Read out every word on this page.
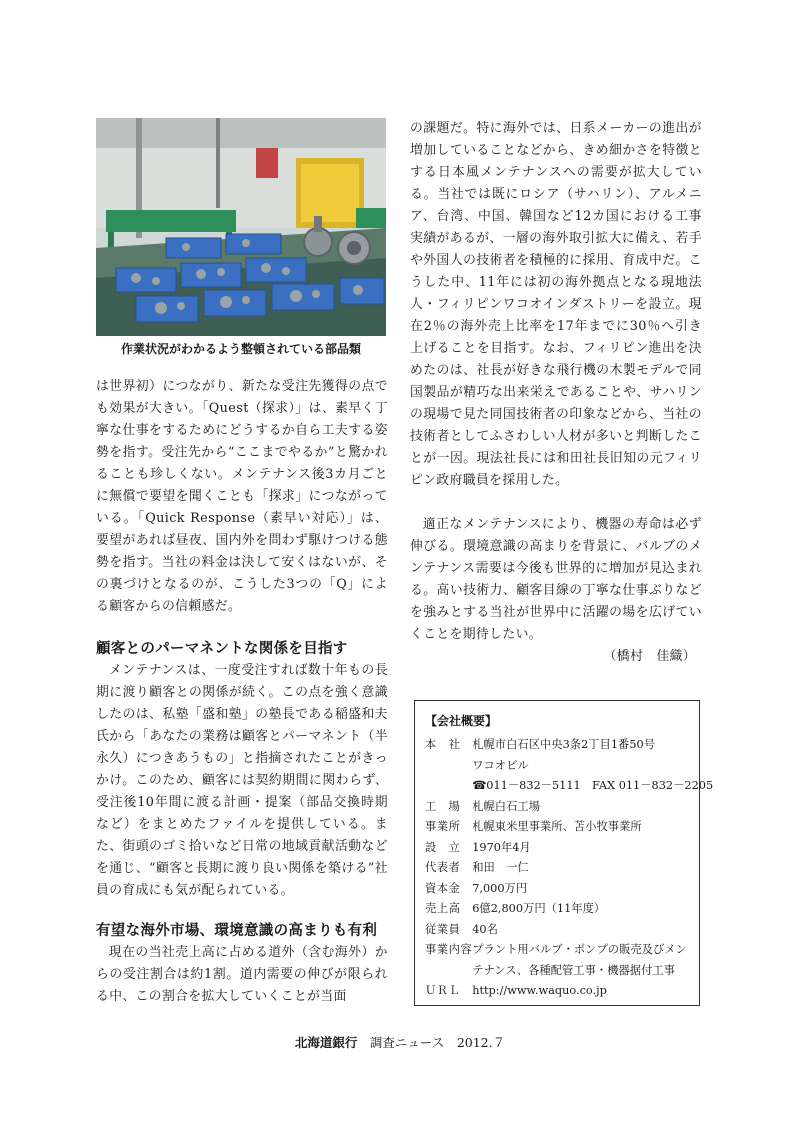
作業状況がわかるよう整頓されている部品類

は世界初）につながり、新たな受注先獲得の点でも効果が大きい。「Quest（探求）」は、素早く丁寧な仕事をするためにどうするか自ら工夫する姿勢を指す。受注先から“ここまでやるか”と驚かれることも珍しくない。メンテナンス後3カ月ごとに無償で要望を聞くことも「探求」につながっている。「Quick Response（素早い対応）」は、要望があれば昼夜、国内外を問わず駆けつける態勢を指す。当社の料金は決して安くはないが、その裏づけとなるのが、こうした3つの「Q」による顧客からの信頼感だ。

顧客とのパーマネントな関係を目指す

メンテナンスは、一度受注すれば数十年もの長期に渡り顧客との関係が続く。この点を強く意識したのは、私塾「盛和塾」の塾長である稲盛和夫氏から「あなたの業務は顧客とパーマネント（半永久）につきあうもの」と指摘されたことがきっかけ。このため、顧客には契約期間に関わらず、受注後10年間に渡る計画・提案（部品交換時期など）をまとめたファイルを提供している。また、街頭のゴミ拾いなど日常の地域貢献活動などを通じ、“顧客と長期に渡り良い関係を築ける”社員の育成にも気が配られている。

有望な海外市場、環境意識の高まりも有利

現在の当社売上高に占める道外（含む海外）からの受注割合は約1割。道内需要の伸びが限られる中、この割合を拡大していくことが当面

の課題だ。特に海外では、日系メーカーの進出が増加していることなどから、きめ細かさを特徴とする日本風メンテナンスへの需要が拡大している。当社では既にロシア（サハリン）、アルメニア、台湾、中国、韓国など12カ国における工事実績があるが、一層の海外取引拡大に備え、若手や外国人の技術者を積極的に採用、育成中だ。こうした中、11年には初の海外拠点となる現地法人・フィリピンワコオインダストリーを設立。現在2％の海外売上比率を17年までに30％へ引き上げることを目指す。なお、フィリピン進出を決めたのは、社長が好きな飛行機の木製モデルで同国製品が精巧な出来栄えであることや、サハリンの現場で見た同国技術者の印象などから、当社の技術者としてふさわしい人材が多いと判断したことが一因。現法社長には和田社長旧知の元フィリピン政府職員を採用した。

適正なメンテナンスにより、機器の寿命は必ず伸びる。環境意識の高まりを背景に、バルブのメンテナンス需要は今後も世界的に増加が見込まれる。高い技術力、顧客目線の丁寧な仕事ぶりなどを強みとする当社が世界中に活躍の場を広げていくことを期待したい。

（橋村　佳織）

【会社概要】
本　社	札幌市白石区中央3条2丁目1番50号
ワコオビル
☎011－832－5111　FAX 011－832－2205

工　場	札幌白石工場

事業所	札幌東米里事業所、苫小牧事業所

設　立	1970年4月

代表者	和田　一仁

資本金	7,000万円

売上高	6億2,800万円（11年度）

従業員	40名

事業内容	プラント用バルブ・ポンプの販売及びメン
テナンス、各種配管工事・機器据付工事

ＵＲＬ	http://www.waquo.co.jp
北海道銀行　 調査ニュース　 2012.７
